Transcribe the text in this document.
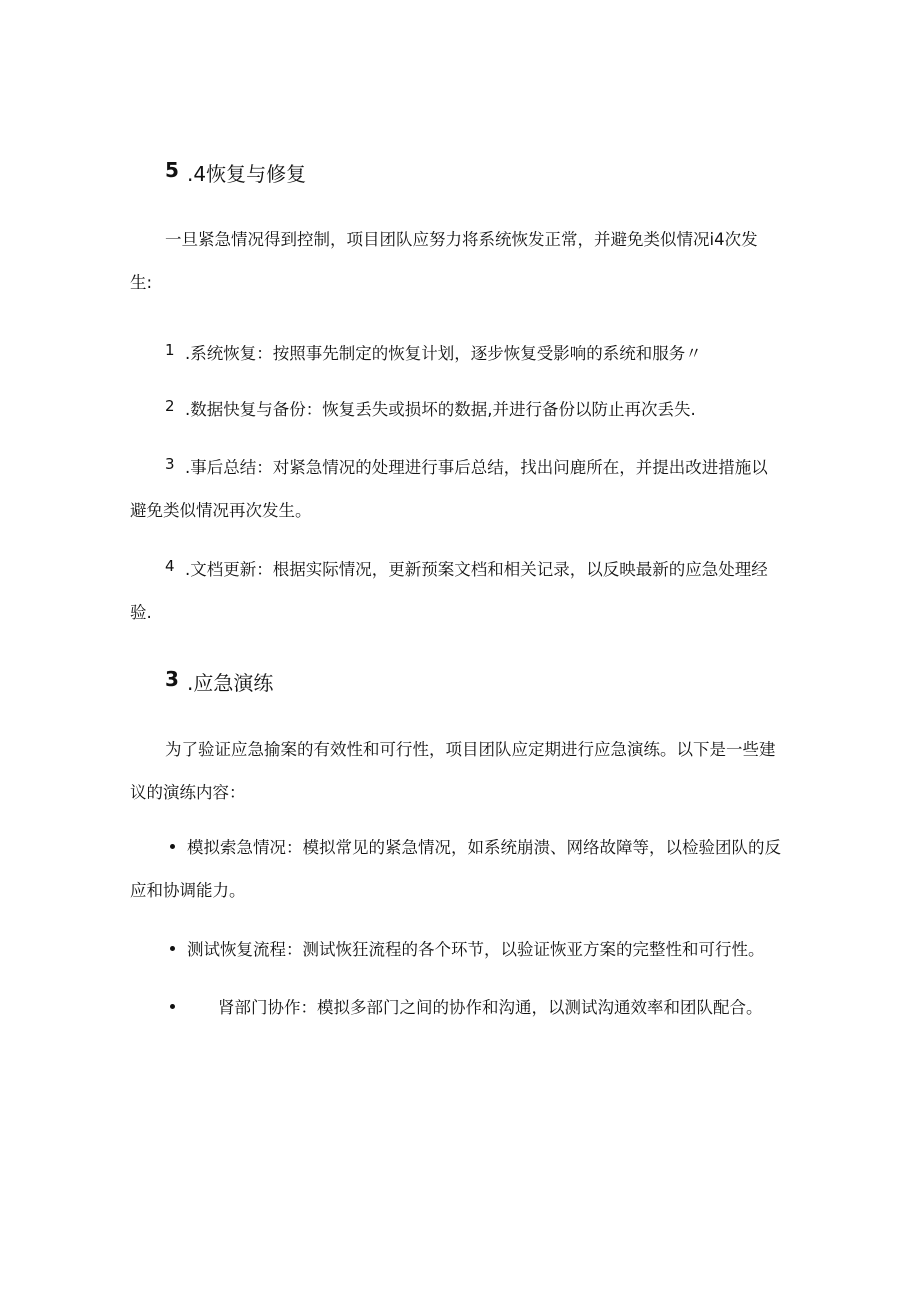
5 .4恢复与修复
一旦紧急情况得到控制，项目团队应努力将系统恢发正常，并避免类似情况i4次发
生:
1 .系统恢复：按照事先制定的恢复计划，逐步恢复受影响的系统和服务〃
2 .数据快复与备份：恢复丢失或损坏的数据,并进行备份以防止再次丢失.
3 .事后总结：对紧急情况的处理进行事后总结，找出问鹿所在，并提出改进措施以
避免类似情况再次发生。
4 .文档更新：根据实际情况，更新预案文档和相关记录，以反映最新的应急处理经
验.
3 .应急演练
为了验证应急揄案的有效性和可行性，项目团队应定期进行应急演练。以下是一些建
议的演练内容：
模拟索急情况：模拟常见的紧急情况，如系统崩溃、网络故障等，以检验团队的反
应和协调能力。
测试恢复流程：测试恢狂流程的各个环节，以验证恢亚方案的完整性和可行性。
肾部门协作：模拟多部门之间的协作和沟通，以测试沟通效率和团队配合。
